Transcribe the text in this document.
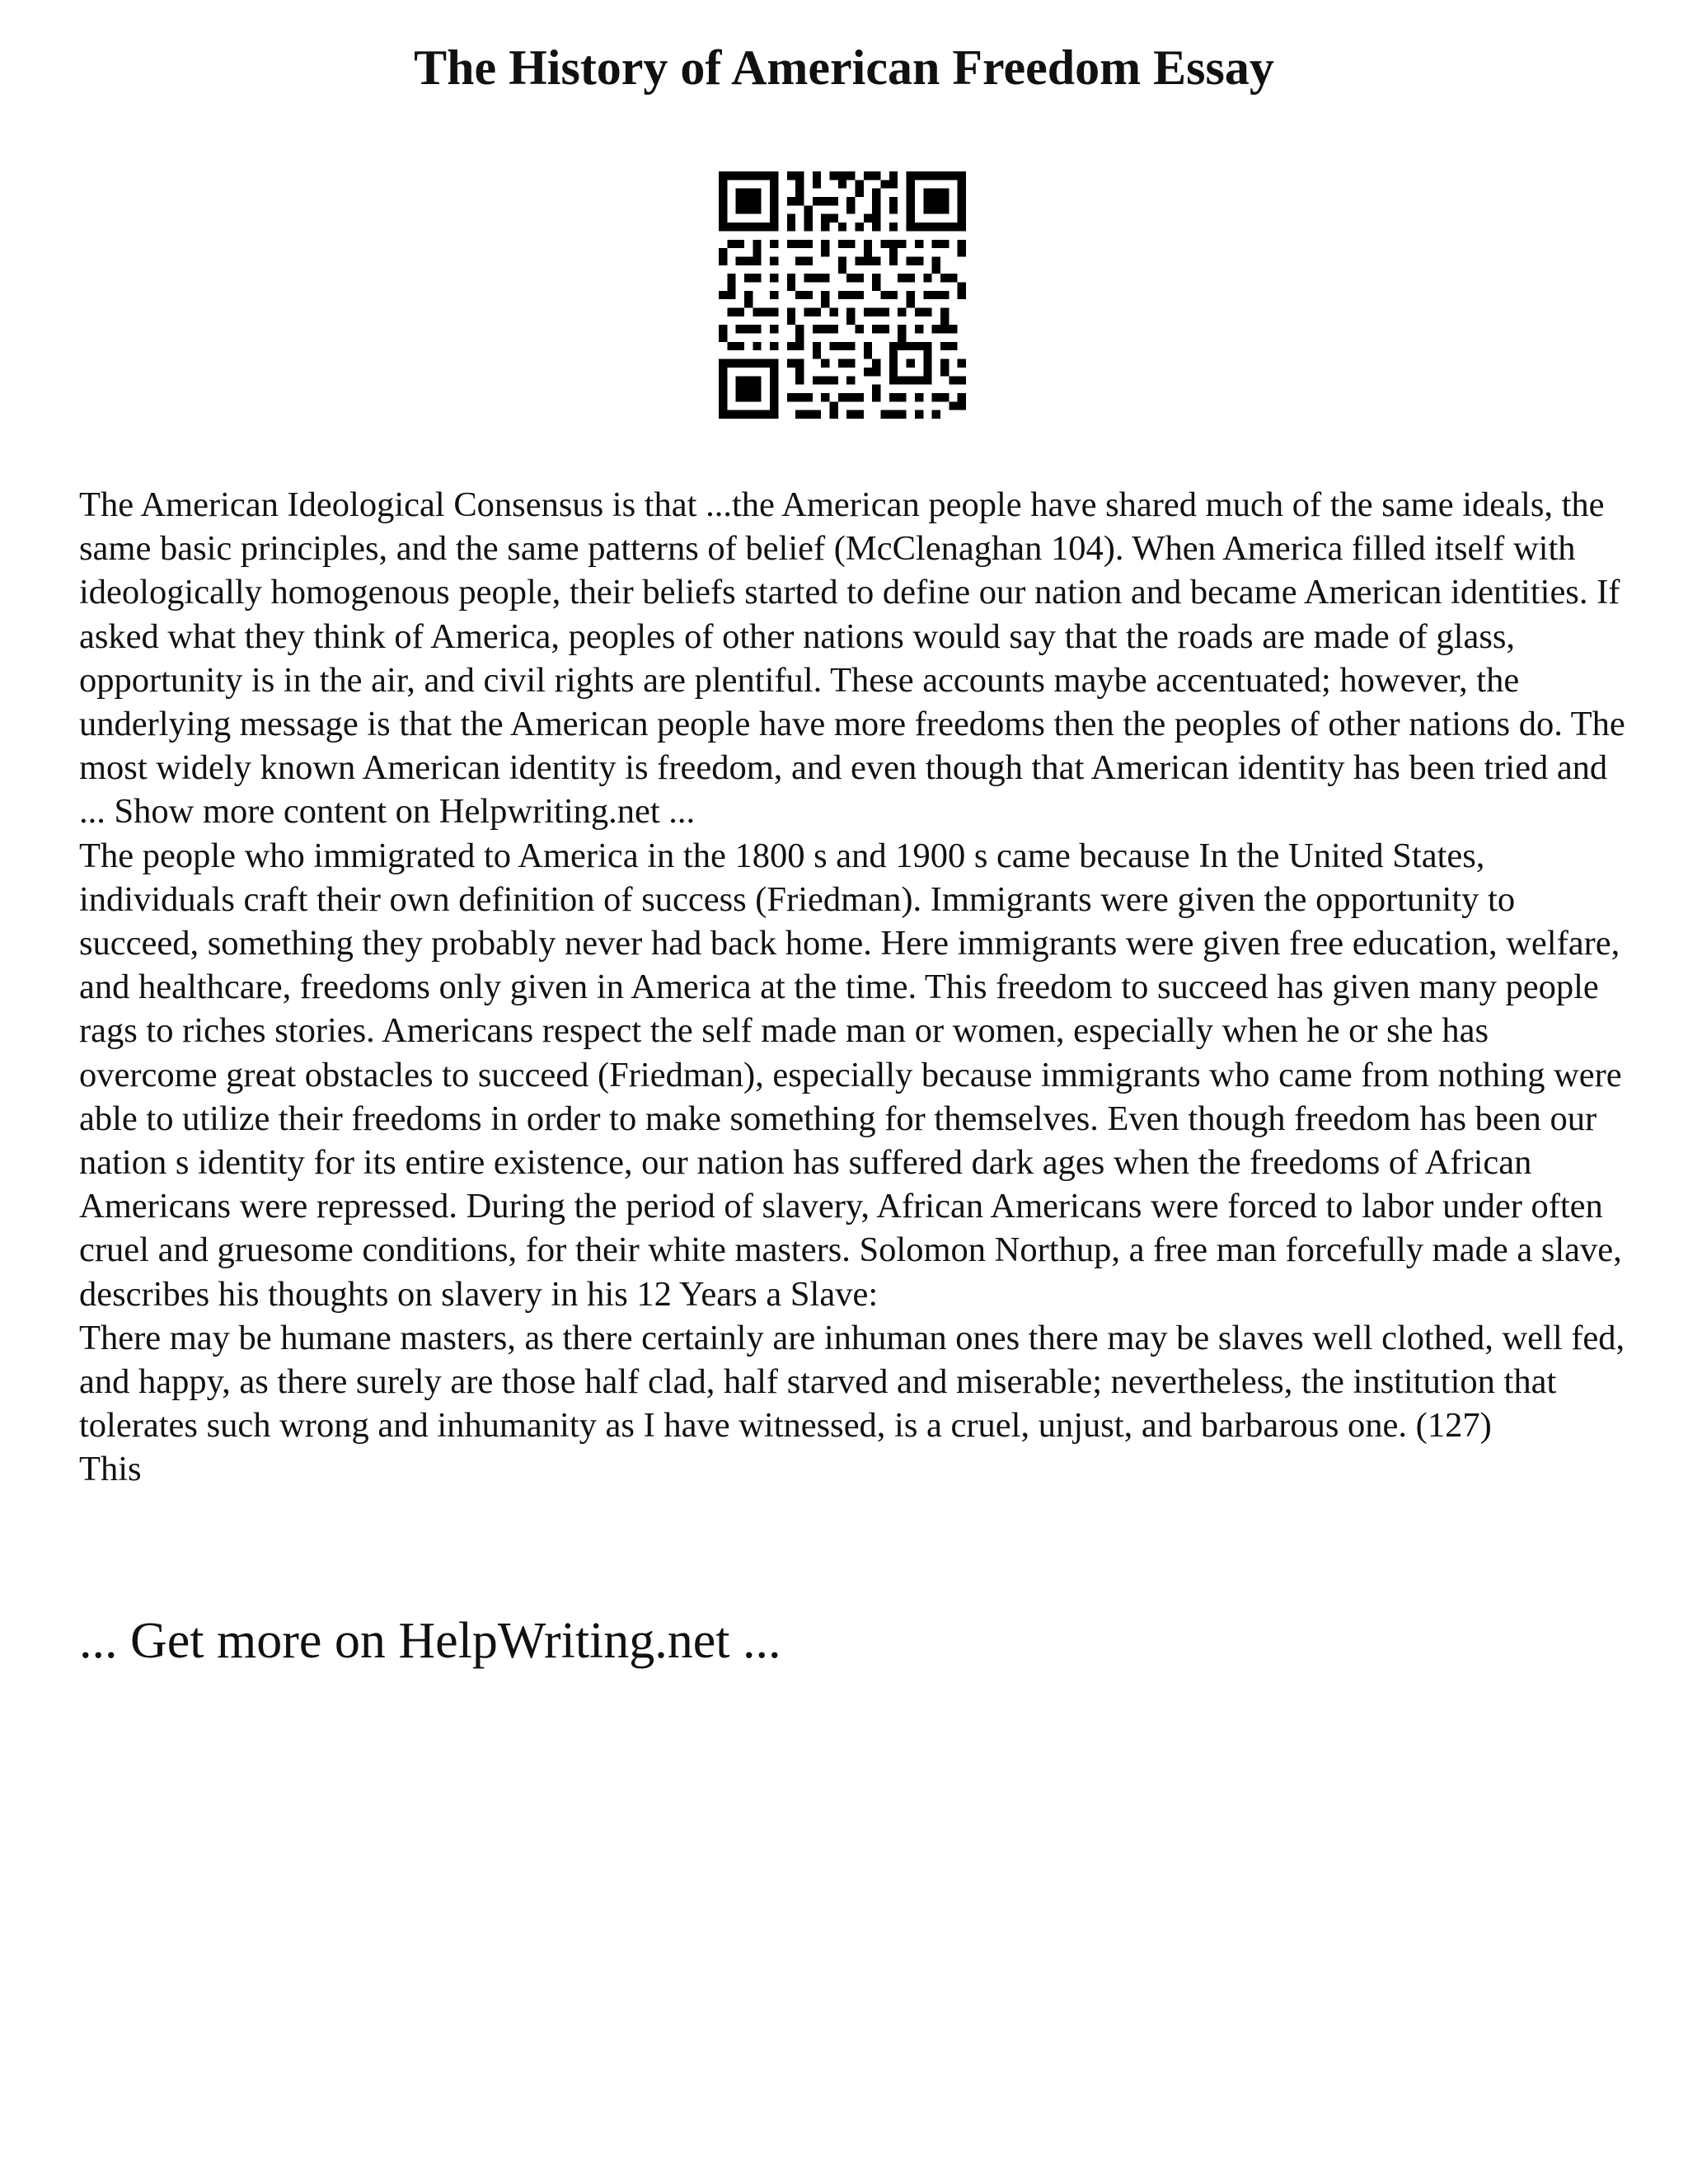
The History of American Freedom Essay

The American Ideological Consensus is that ...the American people have shared much of the same ideals, the same basic principles, and the same patterns of belief (McClenaghan 104). When America filled itself with ideologically homogenous people, their beliefs started to define our nation and became American identities. If asked what they think of America, peoples of other nations would say that the roads are made of glass, opportunity is in the air, and civil rights are plentiful. These accounts maybe accentuated; however, the underlying message is that the American people have more freedoms then the peoples of other nations do. The most widely known American identity is freedom, and even though that American identity has been tried and ... Show more content on Helpwriting.net ...

The people who immigrated to America in the 1800 s and 1900 s came because In the United States, individuals craft their own definition of success (Friedman). Immigrants were given the opportunity to succeed, something they probably never had back home. Here immigrants were given free education, welfare, and healthcare, freedoms only given in America at the time. This freedom to succeed has given many people rags to riches stories. Americans respect the self made man or women, especially when he or she has overcome great obstacles to succeed (Friedman), especially because immigrants who came from nothing were able to utilize their freedoms in order to make something for themselves. Even though freedom has been our nation s identity for its entire existence, our nation has suffered dark ages when the freedoms of African Americans were repressed. During the period of slavery, African Americans were forced to labor under often cruel and gruesome conditions, for their white masters. Solomon Northup, a free man forcefully made a slave, describes his thoughts on slavery in his 12 Years a Slave:

There may be humane masters, as there certainly are inhuman ones there may be slaves well clothed, well fed, and happy, as there surely are those half clad, half starved and miserable; nevertheless, the institution that tolerates such wrong and inhumanity as I have witnessed, is a cruel, unjust, and barbarous one. (127)

This

... Get more on HelpWriting.net ...
